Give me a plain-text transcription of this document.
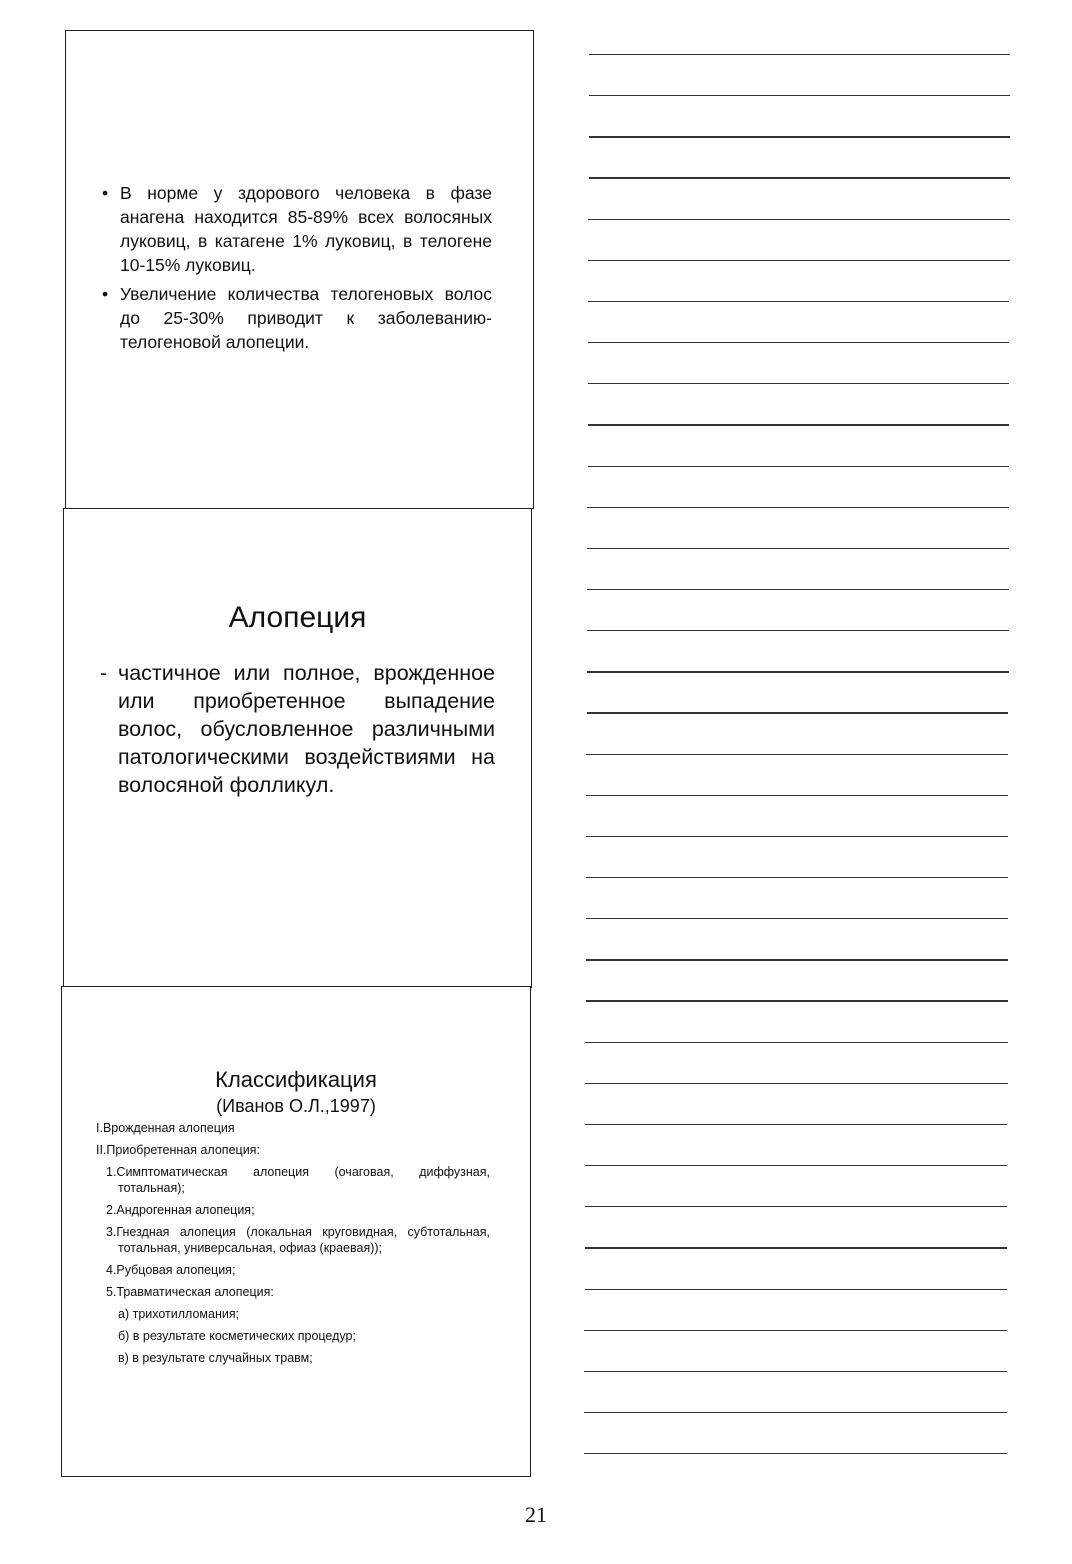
• В норме у здорового человека в фазе анагена находится 85-89% всех волосяных луковиц, в катагене 1% луковиц, в телогене 10-15% луковиц.
• Увеличение количества телогеновых волос до 25-30% приводит к заболеванию- телогеновой алопеции.
Алопеция
- частичное или полное, врожденное или приобретенное выпадение волос, обусловленное различными патологическими воздействиями на волосяной фолликул.
Классификация
(Иванов О.Л.,1997)
I.Врожденная алопеция
II.Приобретенная алопеция:
1.Симптоматическая алопеция (очаговая, диффузная, тотальная);
2.Андрогенная алопеция;
3.Гнездная алопеция (локальная круговидная, субтотальная, тотальная, универсальная, офиаз (краевая));
4.Рубцовая алопеция;
5.Травматическая алопеция:
а) трихотилломания;
б) в результате косметических процедур;
в) в результате случайных травм;
21
